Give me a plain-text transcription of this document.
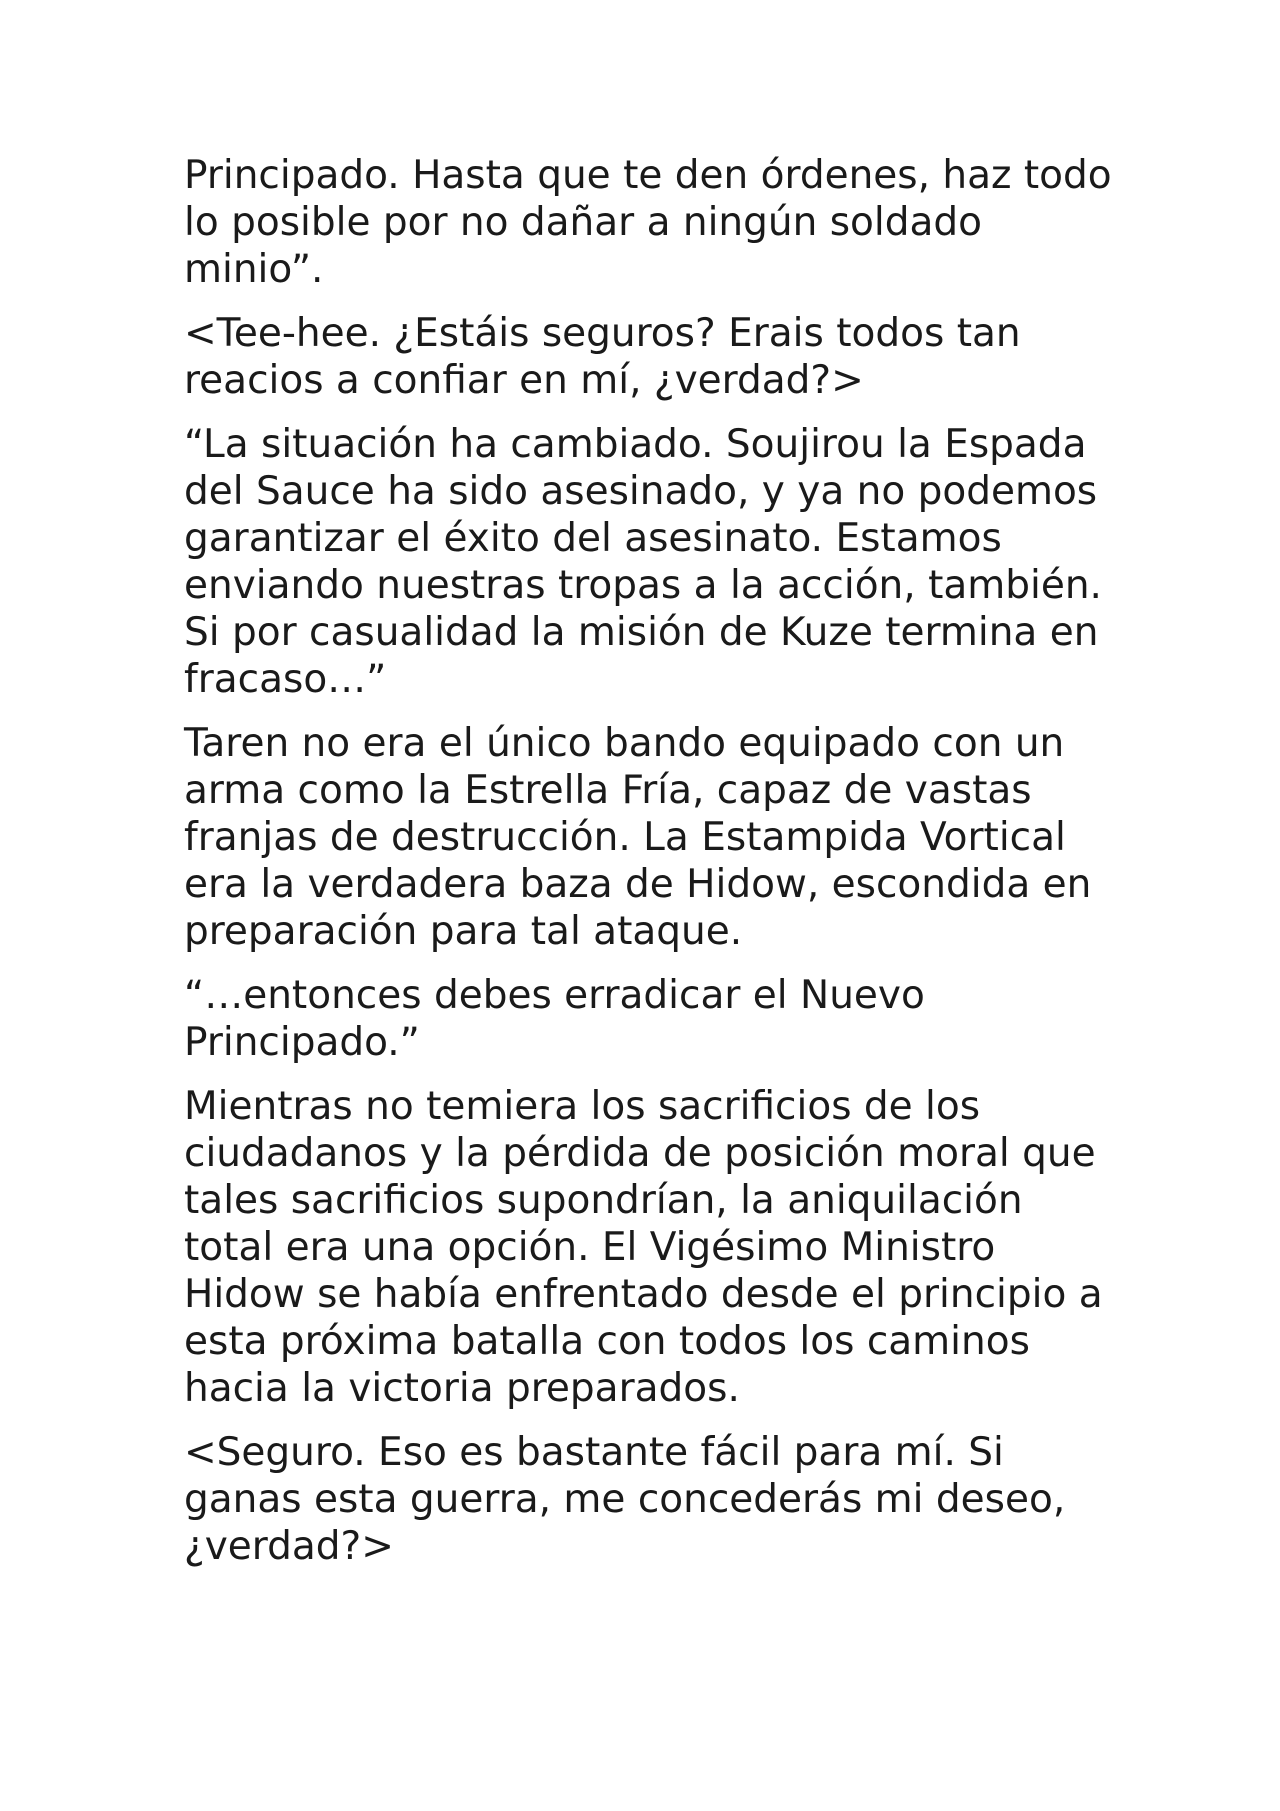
Principado. Hasta que te den órdenes, haz todo lo posible por no dañar a ningún soldado minio”.

<Tee-hee. ¿Estáis seguros? Erais todos tan reacios a confiar en mí, ¿verdad?>

“La situación ha cambiado. Soujirou la Espada del Sauce ha sido asesinado, y ya no podemos garantizar el éxito del asesinato. Estamos enviando nuestras tropas a la acción, también. Si por casualidad la misión de Kuze termina en fracaso…”

Taren no era el único bando equipado con un arma como la Estrella Fría, capaz de vastas franjas de destrucción. La Estampida Vortical era la verdadera baza de Hidow, escondida en preparación para tal ataque.

“…entonces debes erradicar el Nuevo Principado.”

Mientras no temiera los sacrificios de los ciudadanos y la pérdida de posición moral que tales sacrificios supondrían, la aniquilación total era una opción. El Vigésimo Ministro Hidow se había enfrentado desde el principio a esta próxima batalla con todos los caminos hacia la victoria preparados.

<Seguro. Eso es bastante fácil para mí. Si ganas esta guerra, me concederás mi deseo, ¿verdad?>
